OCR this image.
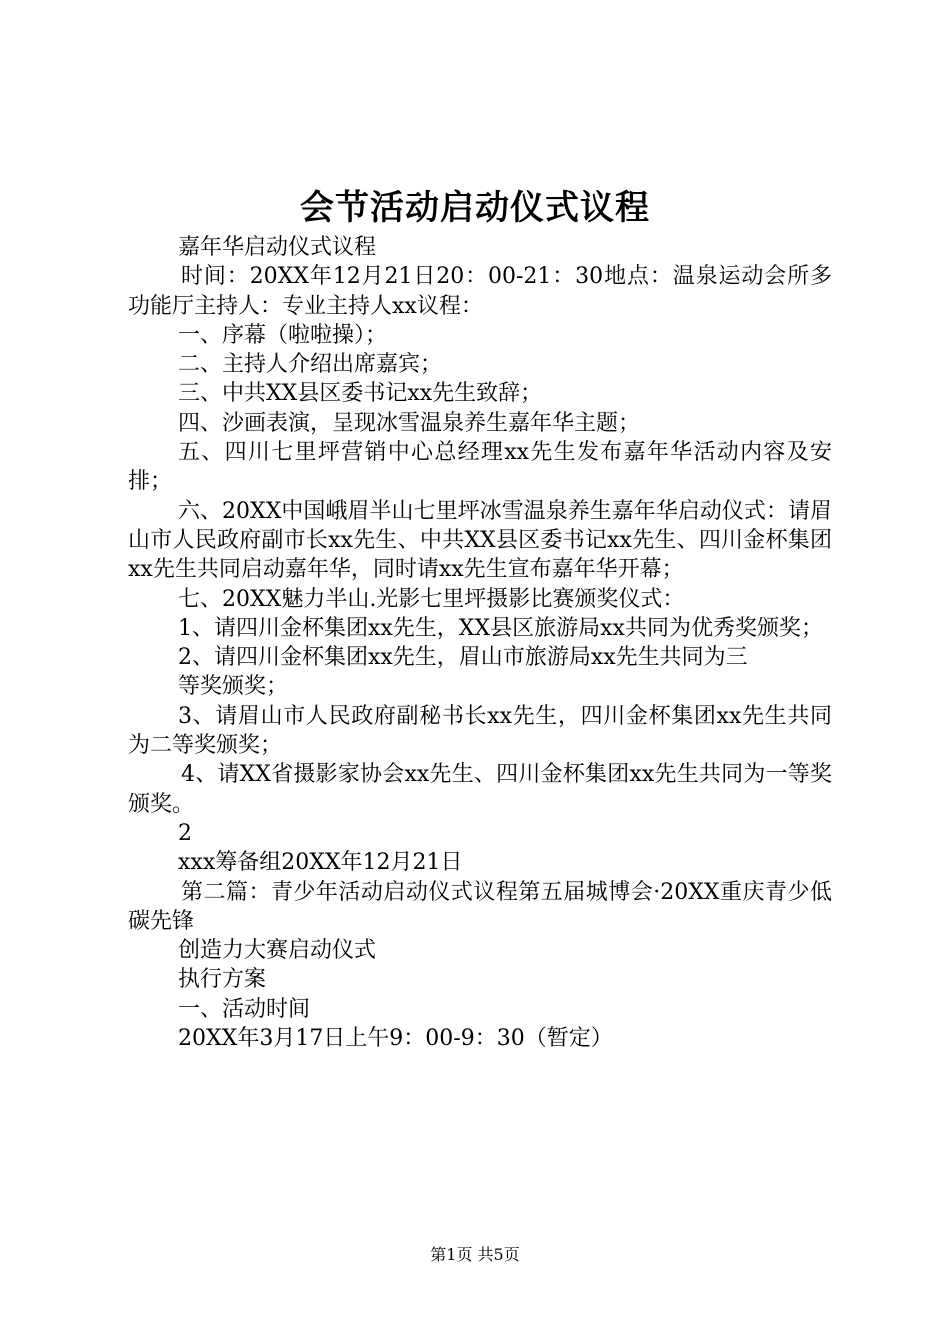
会节活动启动仪式议程

嘉年华启动仪式议程

时间：20XX年12月21日20：00-21：30地点：温泉运动会所多功能厅主持人：专业主持人xx议程：

一、序幕（啦啦操）；

二、主持人介绍出席嘉宾；

三、中共XX县区委书记xx先生致辞；

四、沙画表演，呈现冰雪温泉养生嘉年华主题；

五、四川七里坪营销中心总经理xx先生发布嘉年华活动内容及安排；

六、20XX中国峨眉半山七里坪冰雪温泉养生嘉年华启动仪式：请眉山市人民政府副市长xx先生、中共XX县区委书记xx先生、四川金杯集团xx先生共同启动嘉年华，同时请xx先生宣布嘉年华开幕；

七、20XX魅力半山.光影七里坪摄影比赛颁奖仪式：

1、请四川金杯集团xx先生，XX县区旅游局xx共同为优秀奖颁奖；

2、请四川金杯集团xx先生，眉山市旅游局xx先生共同为三

等奖颁奖；

3、请眉山市人民政府副秘书长xx先生，四川金杯集团xx先生共同为二等奖颁奖；

4、请XX省摄影家协会xx先生、四川金杯集团xx先生共同为一等奖颁奖。

2

xxx筹备组20XX年12月21日

第二篇：青少年活动启动仪式议程第五届城博会·20XX重庆青少低碳先锋

创造力大赛启动仪式

执行方案

一、活动时间

20XX年3月17日上午9：00-9：30（暂定）

第1页 共5页
